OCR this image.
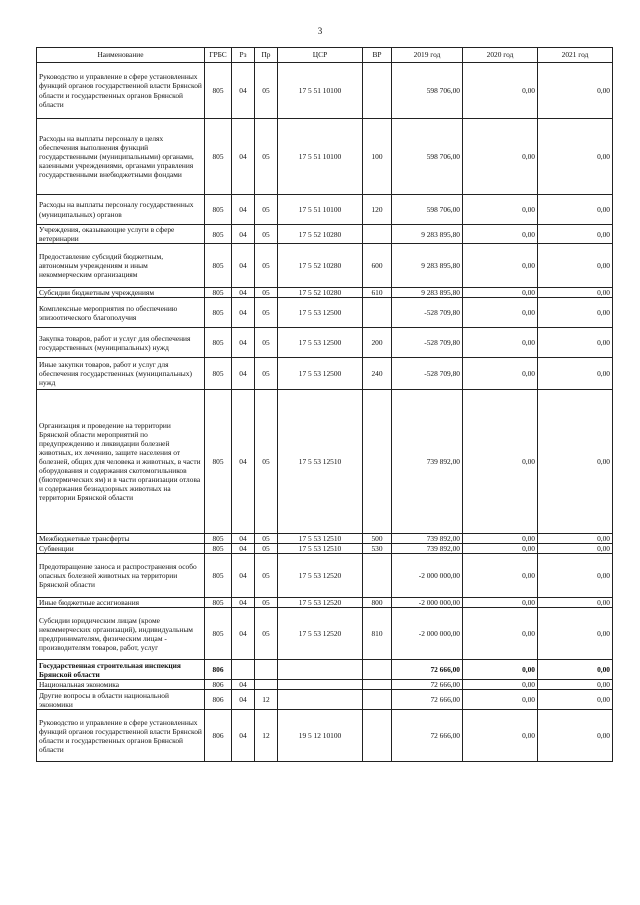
3
Наименование	ГРБС	Рз	Пр	ЦСР	ВР	2019 год	2020 год	2021 год
Руководство и управление в сфере установленных функций органов государственной власти Брянской области и государственных органов Брянской области	805	04	05	17 5 51 10100		598 706,00	0,00	0,00
Расходы на выплаты персоналу в целях обеспечения выполнения функций государственными (муниципальными) органами, казенными учреждениями, органами управления государственными внебюджетными фондами	805	04	05	17 5 51 10100	100	598 706,00	0,00	0,00
Расходы на выплаты персоналу государственных (муниципальных) органов	805	04	05	17 5 51 10100	120	598 706,00	0,00	0,00
Учреждения, оказывающие услуги в сфере ветеринарии	805	04	05	17 5 52 10280		9 283 895,80	0,00	0,00
Предоставление субсидий бюджетным, автономным учреждениям и иным некоммерческим организациям	805	04	05	17 5 52 10280	600	9 283 895,80	0,00	0,00
Субсидии бюджетным учреждениям	805	04	05	17 5 52 10280	610	9 283 895,80	0,00	0,00
Комплексные мероприятия по обеспечению эпизоотического благополучия	805	04	05	17 5 53 12500		-528 709,80	0,00	0,00
Закупка товаров, работ и услуг для обеспечения государственных (муниципальных) нужд	805	04	05	17 5 53 12500	200	-528 709,80	0,00	0,00
Иные закупки товаров, работ и услуг для обеспечения государственных (муниципальных) нужд	805	04	05	17 5 53 12500	240	-528 709,80	0,00	0,00
Организация и проведение на территории Брянской области мероприятий по предупреждению и ликвидации болезней животных, их лечению, защите населения от болезней, общих для человека и животных, в части оборудования и содержания скотомогильников (биотермических ям) и в части организации отлова и содержания безнадзорных животных на территории Брянской области	805	04	05	17 5 53 12510		739 892,00	0,00	0,00
Межбюджетные трансферты	805	04	05	17 5 53 12510	500	739 892,00	0,00	0,00
Субвенции	805	04	05	17 5 53 12510	530	739 892,00	0,00	0,00
Предотвращение заноса и распространения особо опасных болезней животных на территории Брянской области	805	04	05	17 5 53 12520		-2 000 000,00	0,00	0,00
Иные бюджетные ассигнования	805	04	05	17 5 53 12520	800	-2 000 000,00	0,00	0,00
Субсидии юридическим лицам (кроме некоммерческих организаций), индивидуальным предпринимателям, физическим лицам - производителям товаров, работ, услуг	805	04	05	17 5 53 12520	810	-2 000 000,00	0,00	0,00
Государственная строительная инспекция Брянской области	806					72 666,00	0,00	0,00
Национальная экономика	806	04				72 666,00	0,00	0,00
Другие вопросы в области национальной экономики	806	04	12			72 666,00	0,00	0,00
Руководство и управление в сфере установленных функций органов государственной власти Брянской области и государственных органов Брянской области	806	04	12	19 5 12 10100		72 666,00	0,00	0,00
